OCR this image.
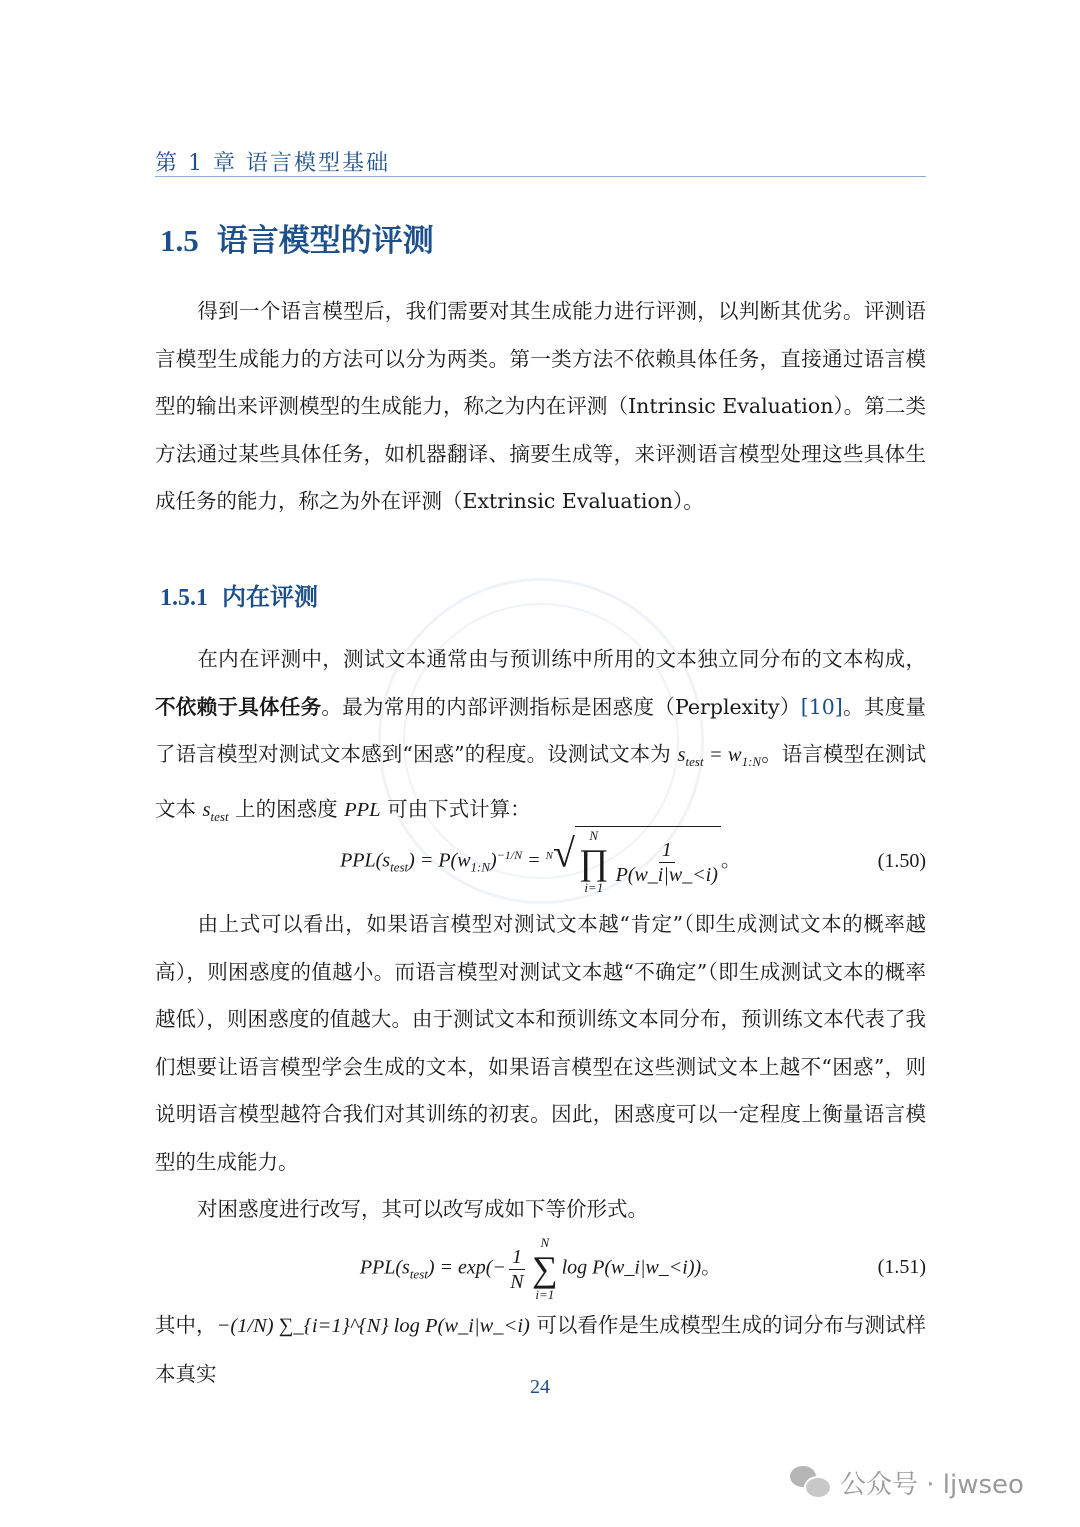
第 1 章 语言模型基础
1.5 语言模型的评测

得到一个语言模型后，我们需要对其生成能力进行评测，以判断其优劣。评测语言模型生成能力的方法可以分为两类。第一类方法不依赖具体任务，直接通过语言模型的输出来评测模型的生成能力，称之为内在评测（Intrinsic Evaluation）。第二类方法通过某些具体任务，如机器翻译、摘要生成等，来评测语言模型处理这些具体生成任务的能力，称之为外在评测（Extrinsic Evaluation）。

1.5.1 内在评测

在内在评测中，测试文本通常由与预训练中所用的文本独立同分布的文本构成，不依赖于具体任务。最为常用的内部评测指标是困惑度（Perplexity）[10]。其度量了语言模型对测试文本感到“困惑”的程度。设测试文本为 $s_{test} = w_{1:N}$。语言模型在测试文本 $s_{test}$ 上的困惑度 PPL 可由下式计算：

$PPL(s_{test}) = P(w_{1:N})^{-1/N} = ^N√$ N
∏
i=1
$\frac{1}{P(w\_i|w\_<i)}$ 。	(1.50)

由上式可以看出，如果语言模型对测试文本越“肯定”（即生成测试文本的概率越高），则困惑度的值越小。而语言模型对测试文本越“不确定”（即生成测试文本的概率越低），则困惑度的值越大。由于测试文本和预训练文本同分布，预训练文本代表了我们想要让语言模型学会生成的文本，如果语言模型在这些测试文本上越不“困惑”，则说明语言模型越符合我们对其训练的初衷。因此，困惑度可以一定程度上衡量语言模型的生成能力。

对困惑度进行改写，其可以改写成如下等价形式。

$PPL(s_{test}) = \exp(- \frac{1}{N}$
N
∑
i=1
log P(w_i|w_<i))。	(1.51)

其中，−(1/N) ∑_{i=1}^{N} log P(w_i|w_<i) 可以看作是生成模型生成的词分布与测试样本真实

24
公众号 · ljwseo
